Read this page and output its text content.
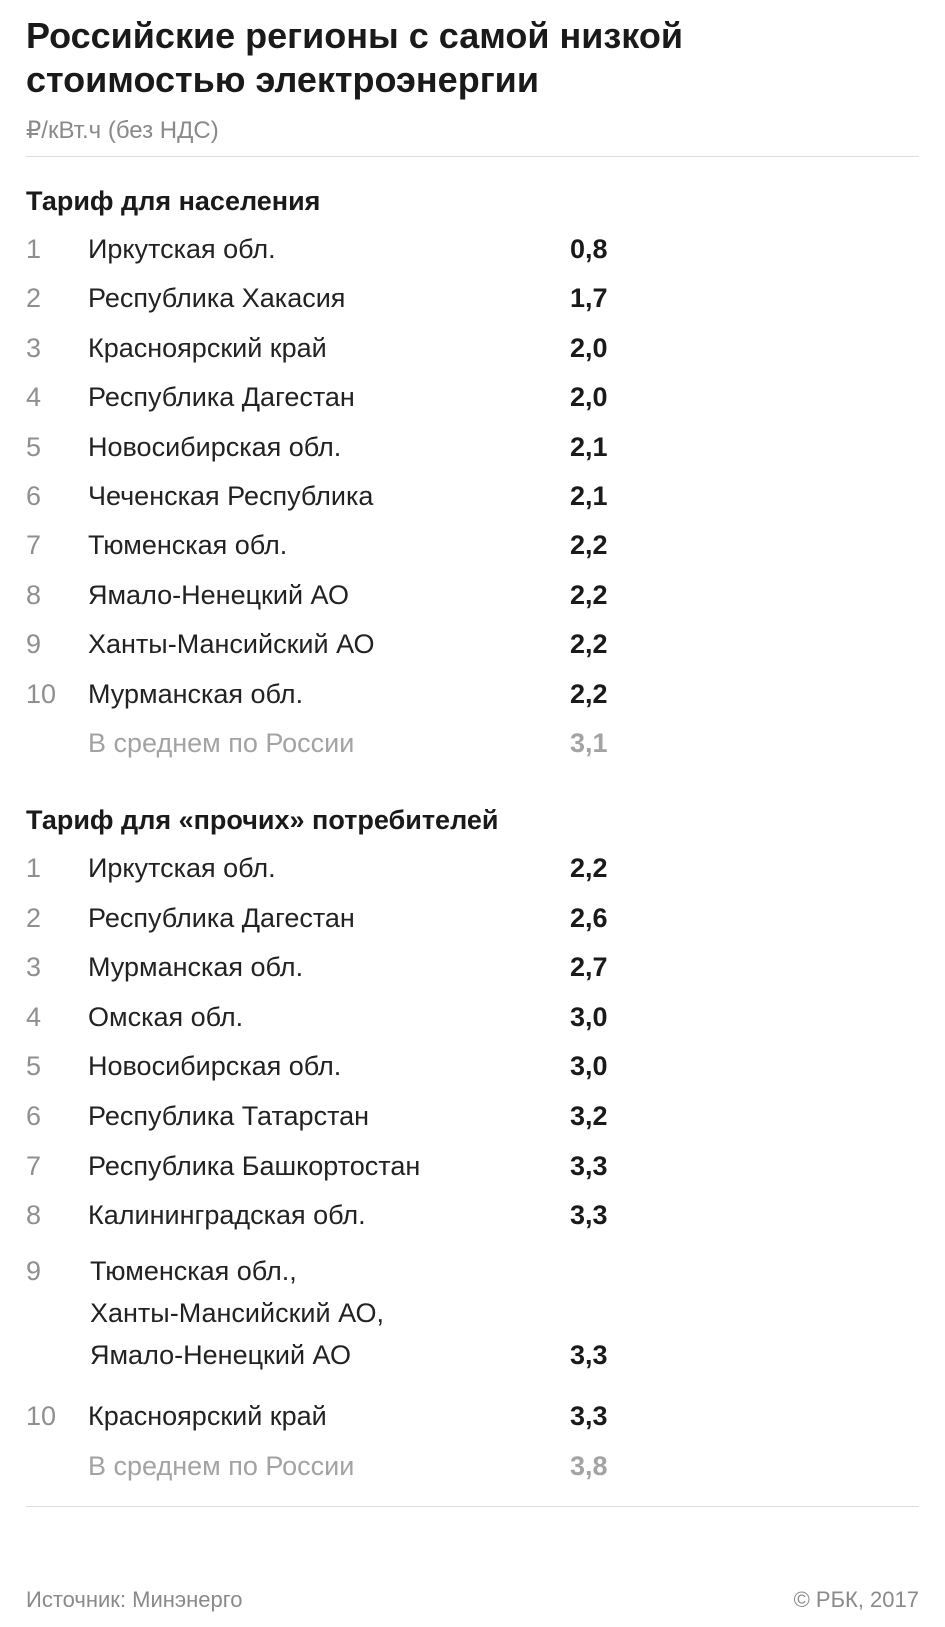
Российские регионы с самой низкой стоимостью электроэнергии
₽/кВт.ч (без НДС)
Тариф для населения
1 Иркутская обл.	0,8
2 Республика Хакасия	1,7
3 Красноярский край	2,0
4 Республика Дагестан	2,0
5 Новосибирская обл.	2,1
6 Чеченская Республика	2,1
7 Тюменская обл.	2,2
8 Ямало-Ненецкий АО	2,2
9 Ханты-Мансийский АО	2,2
10 Мурманская обл.	2,2
В среднем по России	3,1
Тариф для «прочих» потребителей
1 Иркутская обл.	2,2
2 Республика Дагестан	2,6
3 Мурманская обл.	2,7
4 Омская обл.	3,0
5 Новосибирская обл.	3,0
6 Республика Татарстан	3,2
7 Республика Башкортостан	3,3
8 Калининградская обл.	3,3
9 Тюменская обл.,
Ханты-Мансийский АО,
Ямало-Ненецкий АО	3,3
10 Красноярский край	3,3
В среднем по России	3,8
Источник: Минэнерго	© РБК, 2017
